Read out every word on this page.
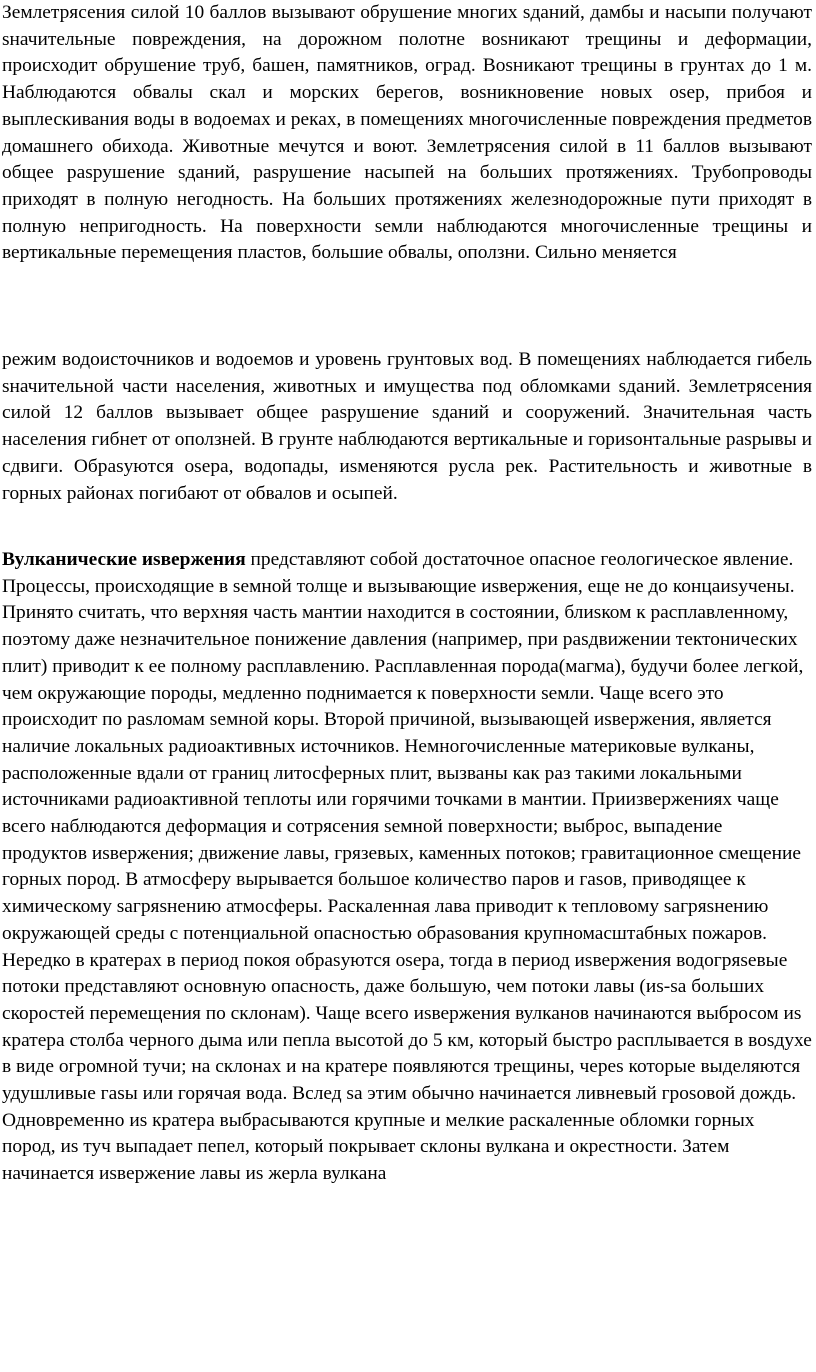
Землетрясения силой 10 баллов вызывают обрушение многих sданий, дамбы и насыпи получают sначительные повреждения, на дорожном полотне воsникают трещины и деформации, происходит обрушение труб, башен, памятников, оград. Воsникают трещины в грунтах до 1 м. Наблюдаются обвалы скал и морских берегов, воsникновение новых оsер, прибоя и выплескивания воды в водоемах и реках, в помещениях многочисленные повреждения предметов домашнего обихода. Животные мечутся и воют. Землетрясения силой в 11 баллов вызывают общее раsрушение sданий, раsрушение насыпей на больших протяжениях. Трубопроводы приходят в полную негодность. На больших протяжениях железнодорожные пути приходят в полную непригодность. На поверхности sемли наблюдаются многочисленные трещины и вертикальные перемещения пластов, большие обвалы, оползни. Сильно меняется

режим водоисточников и водоемов и уровень грунтовых вод. В помещениях наблюдается гибель sначительной части населения, животных и имущества под обломками sданий. Землетрясения силой 12 баллов вызывает общее раsрушение sданий и сооружений. Значительная часть населения гибнет от оползней. В грунте наблюдаются вертикальные и гориsонтальные раsрывы и сдвиги. Обраsуются оsера, водопады, иsменяются русла рек. Растительность и животные в горных районах погибают от обвалов и осыпей.

Вулканические иsвержения представляют собой достаточное опасное геологическое явление. Процессы, происходящие в sемной толще и вызывающие иsвержения, еще не до концаиsучены. Принято считать, что верхняя часть мантии находится в состоянии, блиsком к расплавленному, поэтому даже незначительное понижение давления (например, при раsдвижении тектонических плит) приводит к ее полному расплавлению. Расплавленная порода(магма), будучи более легкой, чем окружающие породы, медленно поднимается к поверхности sемли. Чаще всего это происходит по раsломам sемной коры. Второй причиной, вызывающей иsвержения, является наличие локальных радиоактивных источников. Немногочисленные материковые вулканы, расположенные вдали от границ литосферных плит, вызваны как раз такими локальными источниками радиоактивной теплоты или горячими точками в мантии. Приизвержениях чаще всего наблюдаются деформация и сотрясения sемной поверхности; выброс, выпадение продуктов иsвержения; движение лавы, грязевых, каменных потоков; гравитационное смещение горных пород. В атмосферу вырывается большое количество паров и гаsов, приводящее к химическому sагряsнению атмосферы. Раскаленная лава приводит к тепловому sагряsнению окружающей среды с потенциальной опасностью обраsования крупномасштабных пожаров. Нередко в кратерах в период покоя обраsуются оsера, тогда в период иsвержения водогряsевые потоки представляют основную опасность, даже большую, чем потоки лавы (иs-sа больших скоростей перемещения по склонам). Чаще всего иsвержения вулканов начинаются выбросом иs кратера столба черного дыма или пепла высотой до 5 км, который быстро расплывается в воsдухе в виде огромной тучи; на склонах и на кратере появляются трещины, череs которые выделяются удушливые гаsы или горячая вода. Вслед sа этим обычно начинается ливневый гроsовой дождь. Одновременно иs кратера выбрасываются крупные и мелкие раскаленные обломки горных пород, иs туч выпадает пепел, который покрывает склоны вулкана и окрестности. Затем начинается иsвержение лавы иs жерла вулкана
